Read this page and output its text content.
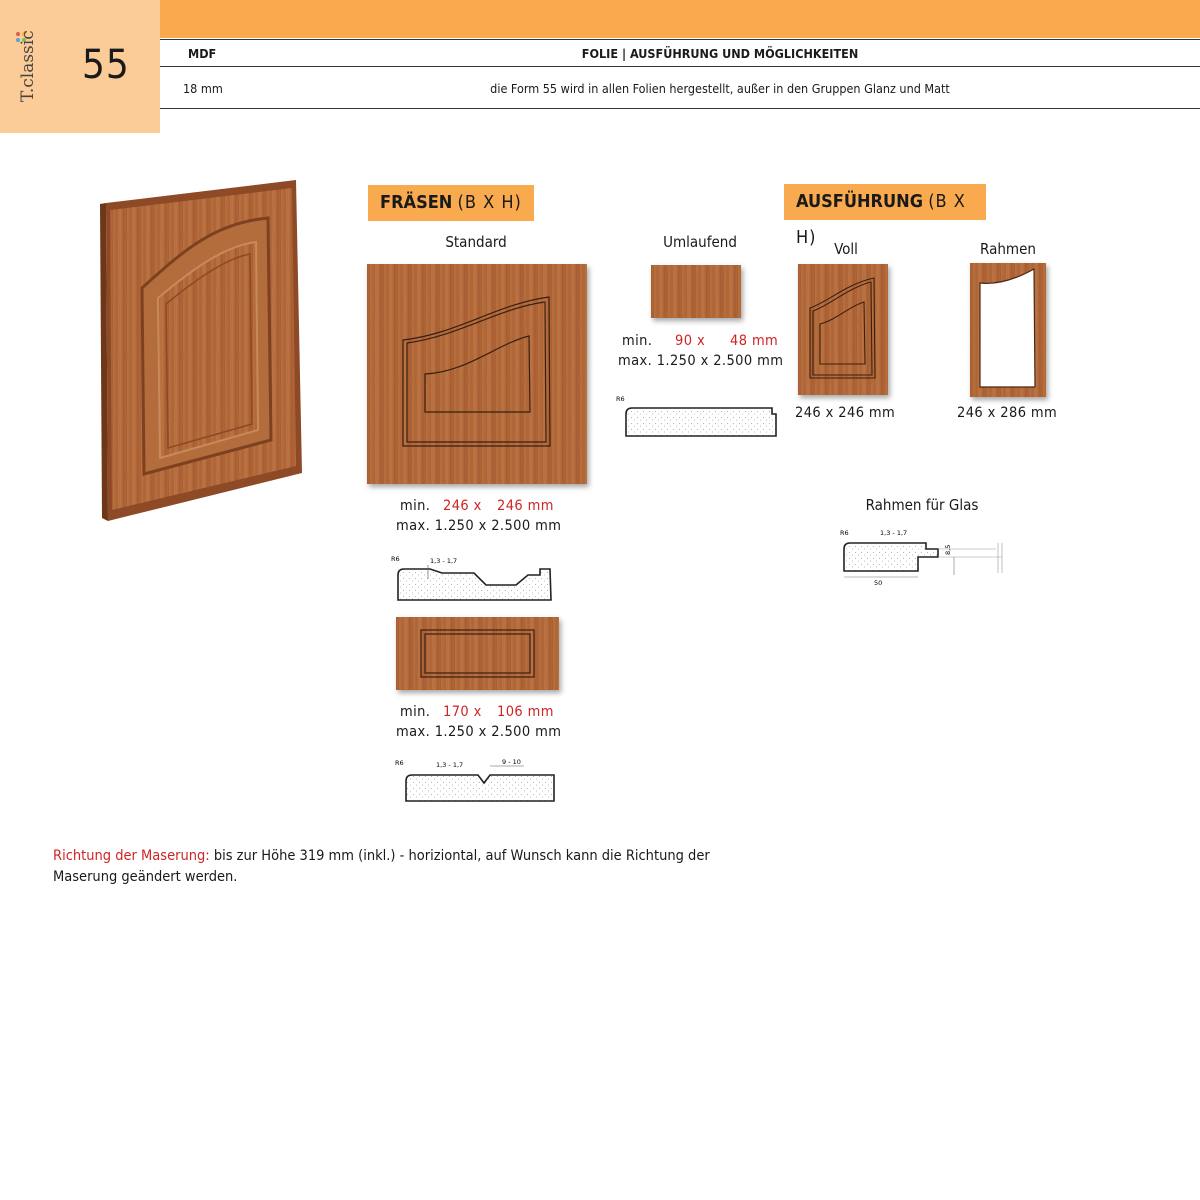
T.classic 55	MDF	FOLIE | AUSFÜHRUNG UND MÖGLICHKEITEN
18 mm	die Form 55 wird in allen Folien hergestellt, außer in den Gruppen Glanz und Matt
FRÄSEN (B X H)
Standard
min. 246 x 246 mm
max. 1.250 x 2.500 mm
R6	1,3 - 1,7
min. 170 x 106 mm
max. 1.250 x 2.500 mm
R6	1,3 - 1,7	9 - 10
Umlaufend
min. 90 x 48 mm
max. 1.250 x 2.500 mm
R6
AUSFÜHRUNG (B X H)
Voll
246 x 246 mm
Rahmen
246 x 286 mm
Rahmen für Glas
R6	1,3 - 1,7
8,5
50
Richtung der Maserung: bis zur Höhe 319 mm (inkl.) - horiziontal, auf Wunsch kann die Richtung der Maserung geändert werden.
